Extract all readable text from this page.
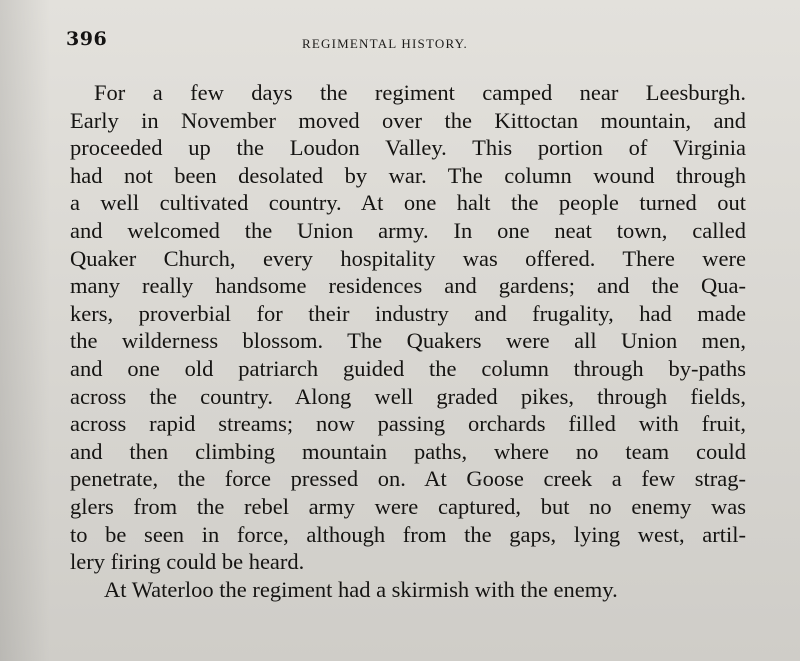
396	REGIMENTAL HISTORY.
For a few days the regiment camped near Leesburgh.
Early in November moved over the Kittoctan mountain, and
proceeded up the Loudon Valley. This portion of Virginia
had not been desolated by war. The column wound through
a well cultivated country. At one halt the people turned out
and welcomed the Union army. In one neat town, called
Quaker Church, every hospitality was offered. There were
many really handsome residences and gardens; and the Qua-
kers, proverbial for their industry and frugality, had made
the wilderness blossom. The Quakers were all Union men,
and one old patriarch guided the column through by-paths
across the country. Along well graded pikes, through fields,
across rapid streams; now passing orchards filled with fruit,
and then climbing mountain paths, where no team could
penetrate, the force pressed on. At Goose creek a few strag-
glers from the rebel army were captured, but no enemy was
to be seen in force, although from the gaps, lying west, artil-
lery firing could be heard.
At Waterloo the regiment had a skirmish with the enemy.
